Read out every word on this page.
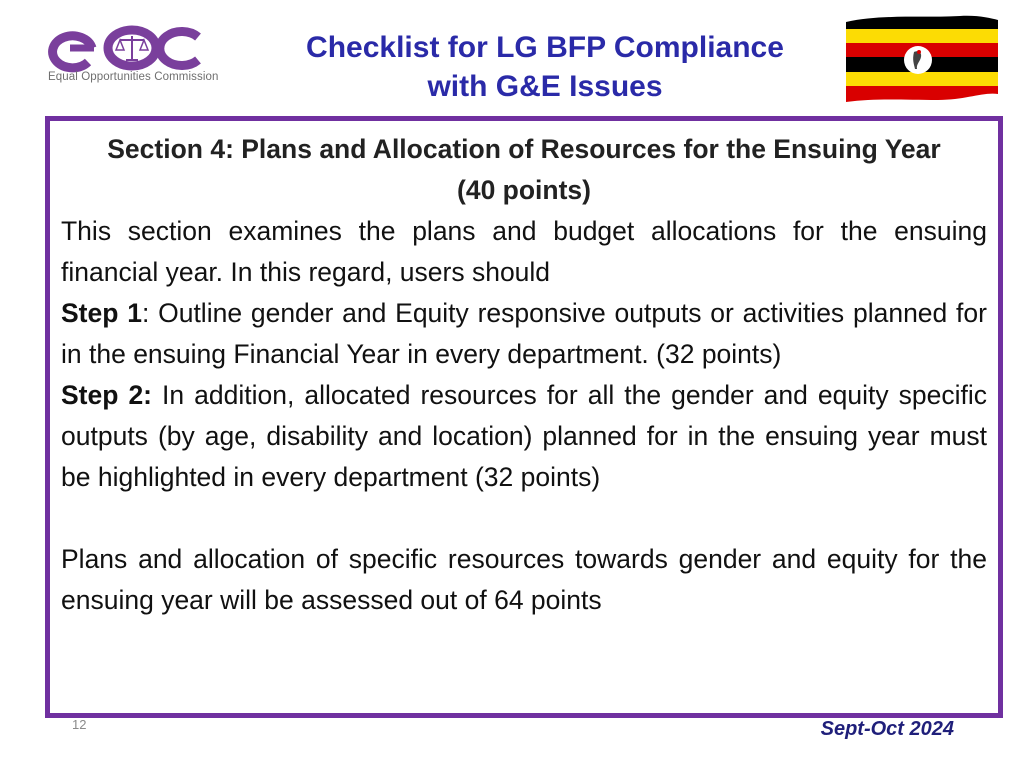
Equal Opportunities Commission
Checklist for LG BFP Compliance
with G&E Issues
Section 4: Plans and Allocation of Resources for the Ensuing Year
(40 points)

This section examines the plans and budget allocations for the ensuing financial year. In this regard, users should

Step 1: Outline gender and Equity responsive outputs or activities planned for in the ensuing Financial Year in every department. (32 points)

Step 2: In addition, allocated resources for all the gender and equity specific outputs (by age, disability and location) planned for in the ensuing year must be highlighted in every department (32 points)

Plans and allocation of specific resources towards gender and equity for the ensuing year will be assessed out of 64 points

12	Sept-Oct 2024
